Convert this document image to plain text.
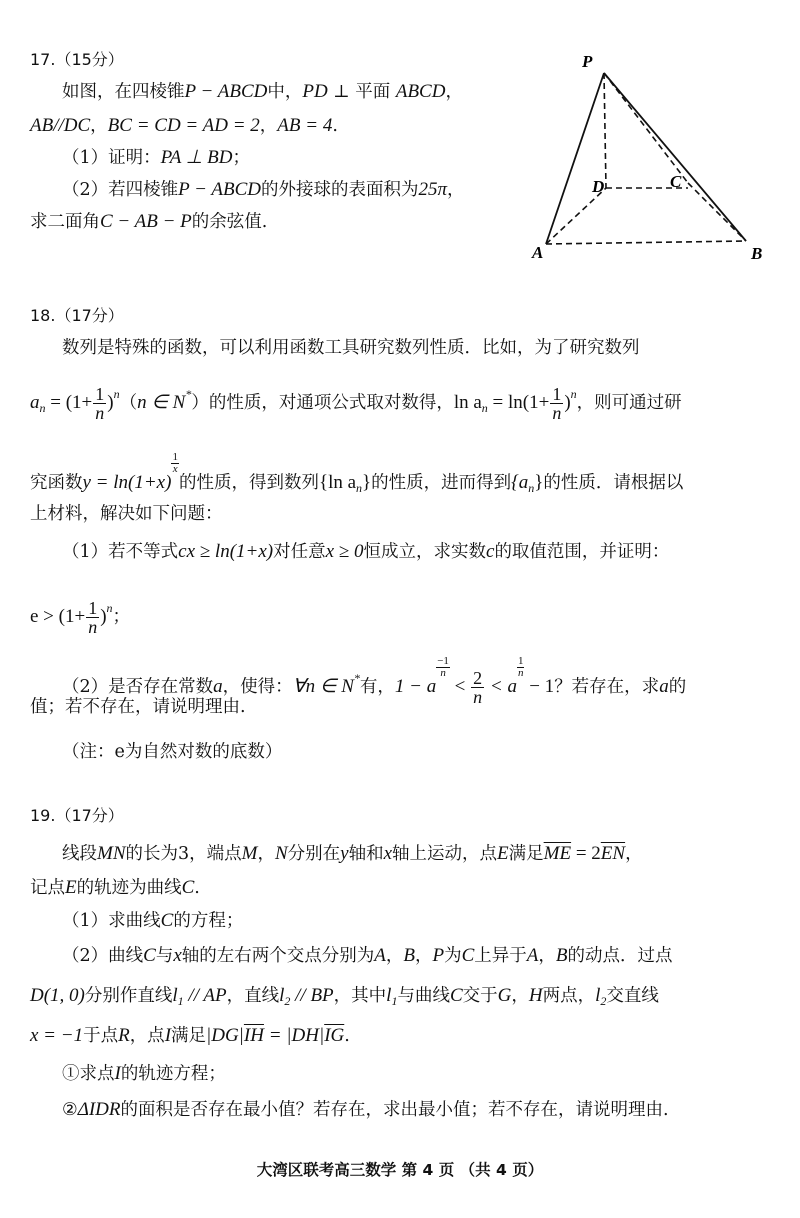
17.（15分）
如图，在四棱锥P − ABCD中，PD ⊥ 平面 ABCD，
AB//DC，BC = CD = AD = 2，AB = 4.
（1）证明：PA ⊥ BD；
（2）若四棱锥P − ABCD的外接球的表面积为25π，
求二面角C − AB − P的余弦值.
P
A	B
C
D
18.（17分）
数列是特殊的函数，可以利用函数工具研究数列性质．比如，为了研究数列
$a_n = (1+ \frac{1}{n} )^n(n$ ∈ N*）的性质，对通项公式取对数得，$\ln a_n = \ln(1+ \frac{1}{n} )^n$，则可通过研
究函数y = ln(1+x)
$\frac{1}{x}$
的性质，得到数列{ln $a_n$}的性质，进而得到$\{a_n\}$的性质．请根据以
上材料，解决如下问题：
（1）若不等式cx ≥ ln(1+x)对任意x ≥ 0恒成立，求实数c的取值范围，并证明：
$e > (1+ \frac{1}{n} )^n$；
（2）是否存在常数a，使得：∀n ∈ N*有，1 − a
$\frac{-1}{n}$
< $\frac{2}{n} < a$
$\frac{1}{n}$
− 1？若存在，求a的
值；若不存在，请说明理由.
（注：e为自然对数的底数）
19.（17分）
线段MN的长为3，端点M，N分别在y轴和x轴上运动，点E满足$\overline{ME} = 2\overline{EN}$，
记点E的轨迹为曲线C.
（1）求曲线C的方程；
（2）曲线C与x轴的左右两个交点分别为A，B，P为C上异于A，B的动点．过点
D(1, 0)分别作直线$l_1$ // AP，直线$l_2$ // BP，其中$l_1$与曲线C交于G，H两点，$l_2$交直线
x = −1于点R，点I满足$|DG|\overline{IH} = |DH|\overline{IG}$.
①求点I的轨迹方程；
②ΔIDR的面积是否存在最小值？若存在，求出最小值；若不存在，请说明理由.
大湾区联考高三数学 第 4 页 （共 4 页）
